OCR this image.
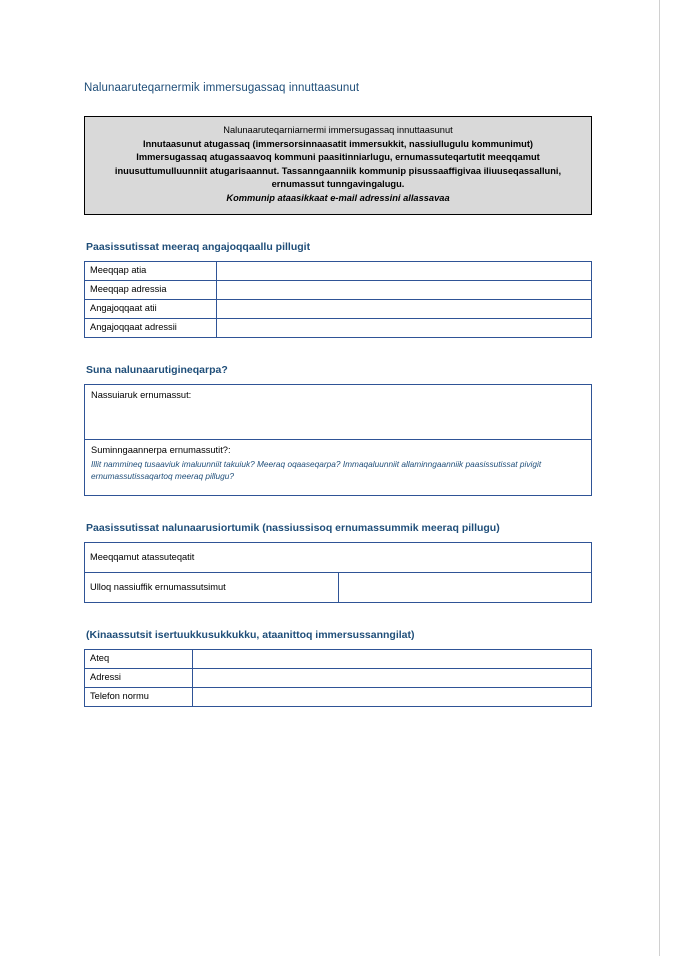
Nalunaaruteqarnermik immersugassaq innuttaasunut
Nalunaaruteqarniarnermi immersugassaq innuttaasunut
Innutaasunut atugassaq (immersorsinnaasatit immersukkit, nassiullugulu kommunimut)
Immersugassaq atugassaavoq kommuni paasitinniarlugu, ernumassuteqartutit meeqqamut inuusuttumulluunniit atugarisaannut. Tassanngaanniik kommunip pisussaaffigivaa iliuuseqassalluni, ernumassut tunngavingalugu.
Kommunip ataasikkaat e-mail adressini allassavaa
Paasissutissat meeraq angajoqqaallu pillugit
Meeqqap atia	
Meeqqap adressia	
Angajoqqaat atii	
Angajoqqaat adressii	
Suna nalunaarutigineqarpa?

Nassuiaruk ernumassut:

Suminngaannerpa ernumassutit?:

Illit nammineq tusaaviuk imaluunniit takuiuk? Meeraq oqaaseqarpa? Immaqaluunniit allaminngaanniik paasissutissat pivigit ernumassutissaqartoq meeraq pillugu?

Paasissutissat nalunaarusiortumik (nassiussisoq ernumassummik meeraq pillugu)
Meeqqamut atassuteqatit
Ulloq nassiuffik ernumassutsimut	
(Kinaassutsit isertuukkusukkukku, ataanittoq immersussanngilat)
Ateq	
Adressi	
Telefon normu	
